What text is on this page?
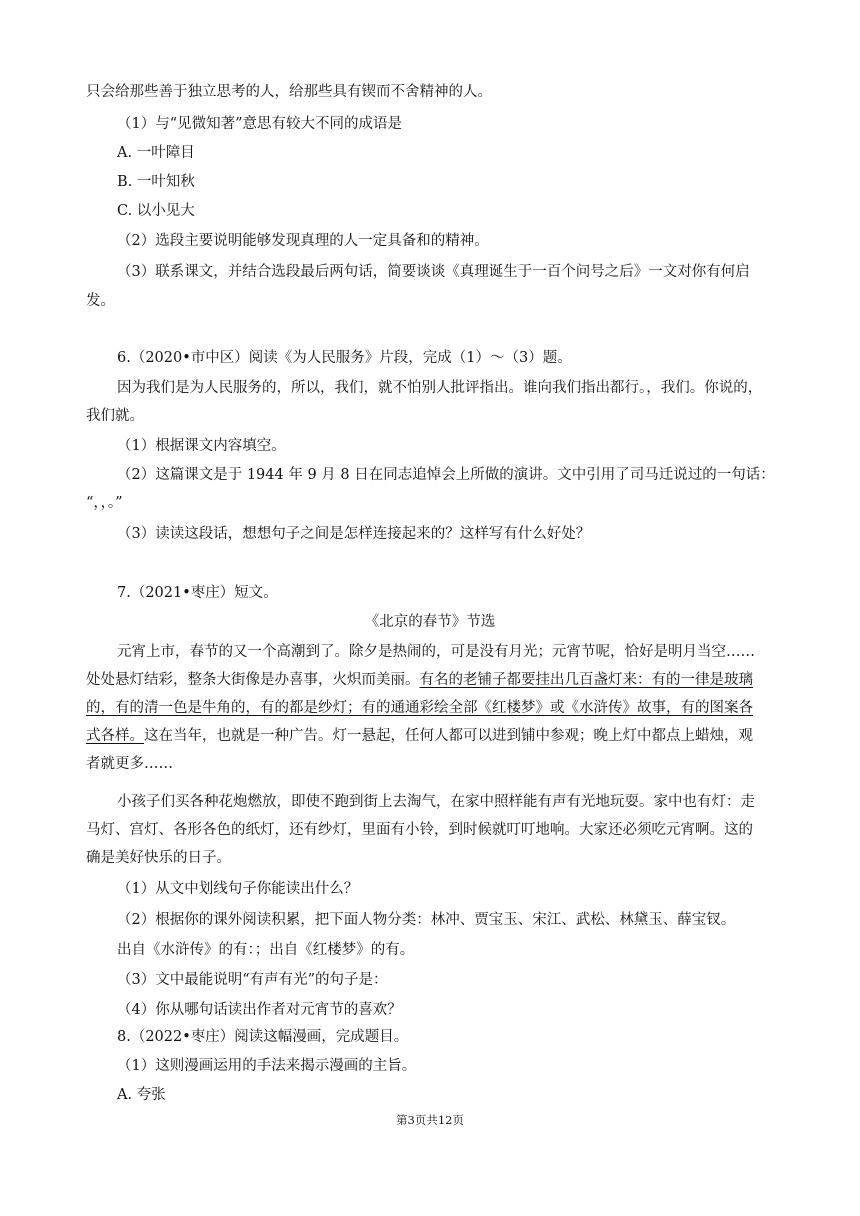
只会给那些善于独立思考的人，给那些具有锲而不舍精神的人。
（1）与“见微知著”意思有较大不同的成语是
A. 一叶障目
B. 一叶知秋
C. 以小见大
（2）选段主要说明能够发现真理的人一定具备和的精神。
（3）联系课文，并结合选段最后两句话，简要谈谈《真理诞生于一百个问号之后》一文对你有何启
发。
6.（2020•市中区）阅读《为人民服务》片段，完成（1）～（3）题。
因为我们是为人民服务的，所以，我们，就不怕别人批评指出。谁向我们指出都行。，我们。你说的，
我们就。
（1）根据课文内容填空。
（2）这篇课文是于 1944 年 9 月 8 日在同志追悼会上所做的演讲。文中引用了司马迁说过的一句话：
“，，。”
（3）读读这段话，想想句子之间是怎样连接起来的？这样写有什么好处？
7.（2021•枣庄）短文。
《北京的春节》节选
元宵上市，春节的又一个高潮到了。除夕是热闹的，可是没有月光；元宵节呢，恰好是明月当空……
处处悬灯结彩，整条大街像是办喜事，火炽而美丽。有名的老铺子都要挂出几百盏灯来：有的一律是玻璃
的，有的清一色是牛角的，有的都是纱灯；有的通通彩绘全部《红楼梦》或《水浒传》故事，有的图案各
式各样。这在当年，也就是一种广告。灯一悬起，任何人都可以进到铺中参观；晚上灯中都点上蜡烛，观
者就更多……
小孩子们买各种花炮燃放，即使不跑到街上去淘气，在家中照样能有声有光地玩耍。家中也有灯：走
马灯、宫灯、各形各色的纸灯，还有纱灯，里面有小铃，到时候就叮叮地响。大家还必须吃元宵啊。这的
确是美好快乐的日子。
（1）从文中划线句子你能读出什么？
（2）根据你的课外阅读积累，把下面人物分类：林冲、贾宝玉、宋江、武松、林黛玉、薛宝钗。
出自《水浒传》的有：；出自《红楼梦》的有。
（3）文中最能说明“有声有光”的句子是：
（4）你从哪句话读出作者对元宵节的喜欢？
8.（2022•枣庄）阅读这幅漫画，完成题目。
（1）这则漫画运用的手法来揭示漫画的主旨。
A. 夸张
第3页共12页
